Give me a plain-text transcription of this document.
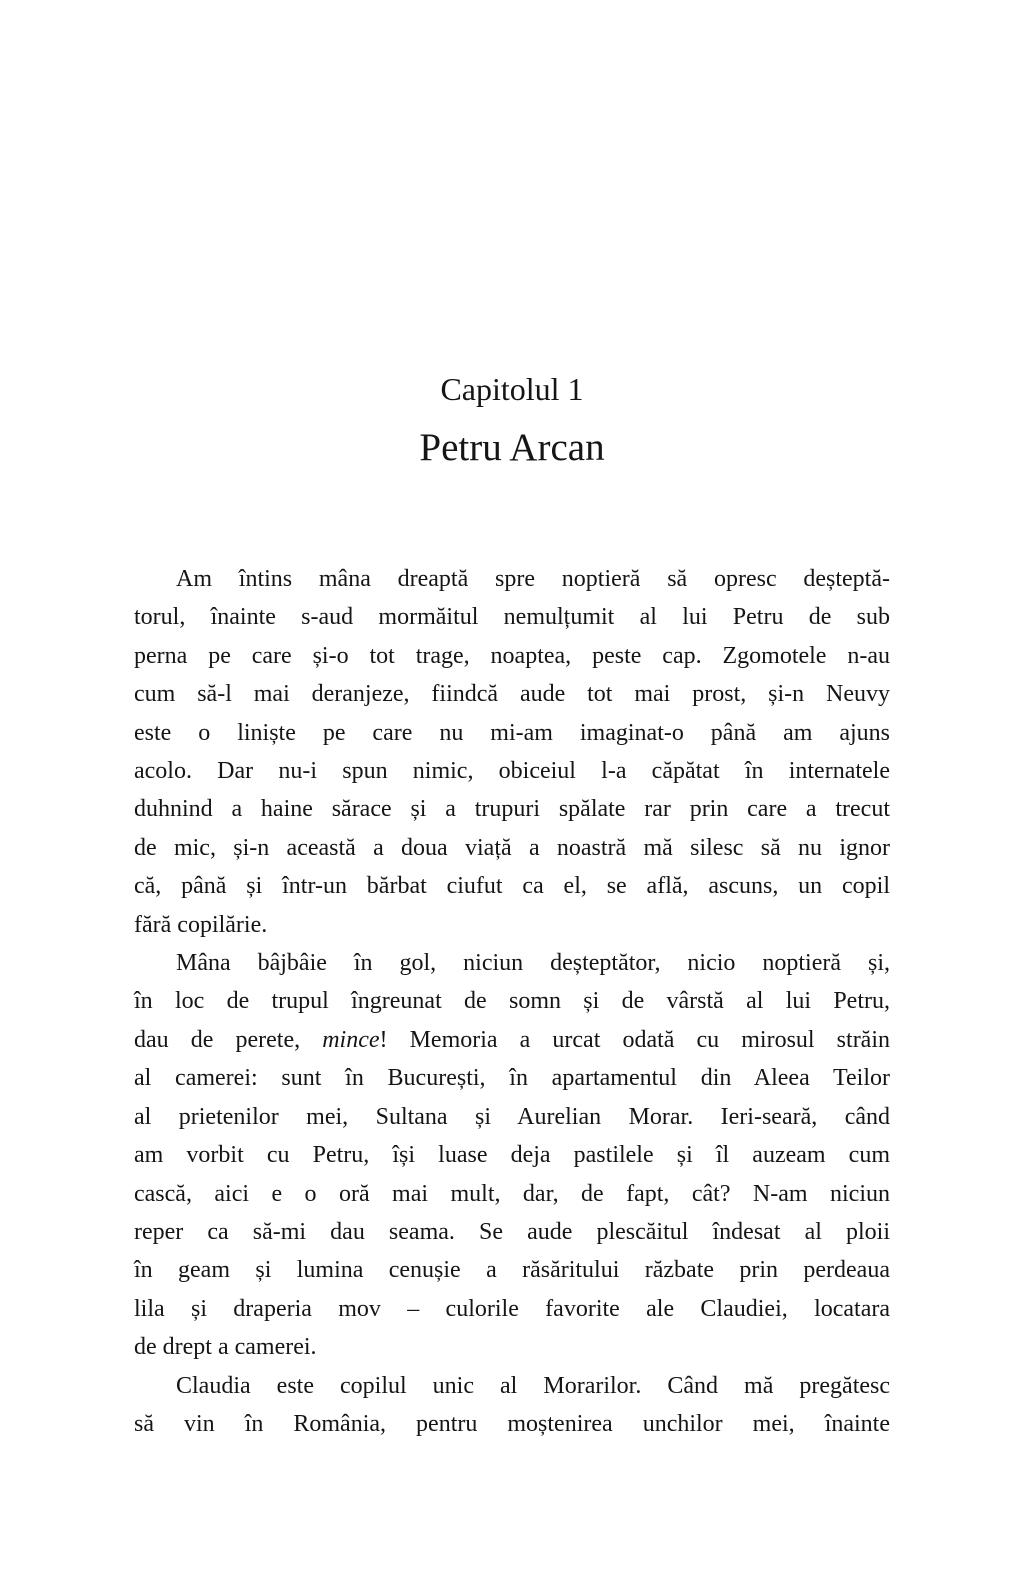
Capitolul 1
Petru Arcan
Am întins mâna dreaptă spre noptieră să opresc deșteptă-
torul, înainte s-aud mormăitul nemulțumit al lui Petru de sub
perna pe care și-o tot trage, noaptea, peste cap. Zgomotele n-au
cum să-l mai deranjeze, fiindcă aude tot mai prost, și-n Neuvy
este o liniște pe care nu mi-am imaginat-o până am ajuns
acolo. Dar nu-i spun nimic, obiceiul l-a căpătat în internatele
duhnind a haine sărace și a trupuri spălate rar prin care a trecut
de mic, și-n această a doua viață a noastră mă silesc să nu ignor
că, până și într-un bărbat ciufut ca el, se află, ascuns, un copil
fără copilărie.
Mâna bâjbâie în gol, niciun deșteptător, nicio noptieră și,
în loc de trupul îngreunat de somn și de vârstă al lui Petru,
dau de perete, mince! Memoria a urcat odată cu mirosul străin
al camerei: sunt în București, în apartamentul din Aleea Teilor
al prietenilor mei, Sultana și Aurelian Morar. Ieri-seară, când
am vorbit cu Petru, își luase deja pastilele și îl auzeam cum
cască, aici e o oră mai mult, dar, de fapt, cât? N-am niciun
reper ca să-mi dau seama. Se aude plescăitul îndesat al ploii
în geam și lumina cenușie a răsăritului răzbate prin perdeaua
lila și draperia mov – culorile favorite ale Claudiei, locatara
de drept a camerei.
Claudia este copilul unic al Morarilor. Când mă pregătesc
să vin în România, pentru moștenirea unchilor mei, înainte
